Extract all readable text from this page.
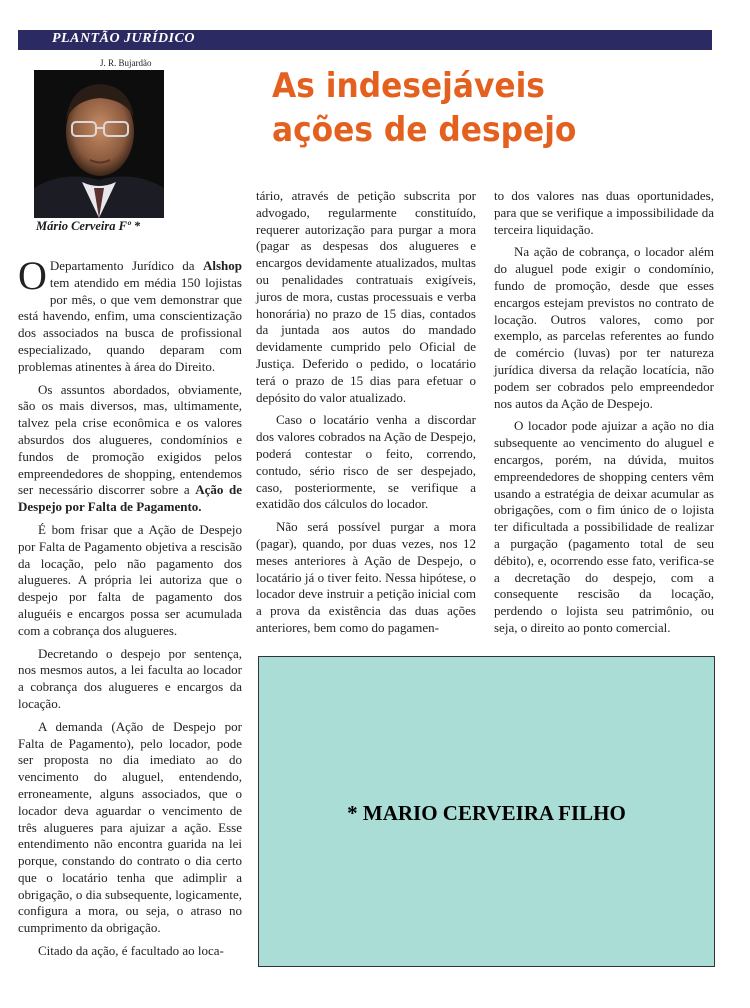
PLANTÃO JURÍDICO
J. R. Bujardão
Mário Cerveira Fº *
As indesejáveis
ações de despejo

O Departamento Jurídico da Alshop tem atendido em média 150 lojistas por mês, o que vem demonstrar que está havendo, enfim, uma conscientização dos associados na busca de profissional especializado, quando deparam com problemas atinentes à área do Direito.

Os assuntos abordados, obviamente, são os mais diversos, mas, ultimamente, talvez pela crise econômica e os valores absurdos dos alugueres, condomínios e fundos de promoção exigidos pelos empreendedores de shopping, entendemos ser necessário discorrer sobre a Ação de Despejo por Falta de Pagamento.

É bom frisar que a Ação de Despejo por Falta de Pagamento objetiva a rescisão da locação, pelo não pagamento dos alugueres. A própria lei autoriza que o despejo por falta de pagamento dos aluguéis e encargos possa ser acumulada com a cobrança dos alugueres.

Decretando o despejo por sentença, nos mesmos autos, a lei faculta ao locador a cobrança dos alugueres e encargos da locação.

A demanda (Ação de Despejo por Falta de Pagamento), pelo locador, pode ser proposta no dia imediato ao do vencimento do aluguel, entendendo, erroneamente, alguns associados, que o locador deva aguardar o vencimento de três alugueres para ajuizar a ação. Esse entendimento não encontra guarida na lei porque, constando do contrato o dia certo que o locatário tenha que adimplir a obrigação, o dia subsequente, logicamente, configura a mora, ou seja, o atraso no cumprimento da obrigação.

Citado da ação, é facultado ao loca-

tário, através de petição subscrita por advogado, regularmente constituído, requerer autorização para purgar a mora (pagar as despesas dos alugueres e encargos devidamente atualizados, multas ou penalidades contratuais exigíveis, juros de mora, custas processuais e verba honorária) no prazo de 15 dias, contados da juntada aos autos do mandado devidamente cumprido pelo Oficial de Justiça. Deferido o pedido, o locatário terá o prazo de 15 dias para efetuar o depósito do valor atualizado.

Caso o locatário venha a discordar dos valores cobrados na Ação de Despejo, poderá contestar o feito, correndo, contudo, sério risco de ser despejado, caso, posteriormente, se verifique a exatidão dos cálculos do locador.

Não será possível purgar a mora (pagar), quando, por duas vezes, nos 12 meses anteriores à Ação de Despejo, o locatário já o tiver feito. Nessa hipótese, o locador deve instruir a petição inicial com a prova da existência das duas ações anteriores, bem como do pagamen-

to dos valores nas duas oportunidades, para que se verifique a impossibilidade da terceira liquidação.

Na ação de cobrança, o locador além do aluguel pode exigir o condomínio, fundo de promoção, desde que esses encargos estejam previstos no contrato de locação. Outros valores, como por exemplo, as parcelas referentes ao fundo de comércio (luvas) por ter natureza jurídica diversa da relação locatícia, não podem ser cobrados pelo empreendedor nos autos da Ação de Despejo.

O locador pode ajuizar a ação no dia subsequente ao vencimento do aluguel e encargos, porém, na dúvida, muitos empreendedores de shopping centers vêm usando a estratégia de deixar acumular as obrigações, com o fim único de o lojista ter dificultada a possibilidade de realizar a purgação (pagamento total de seu débito), e, ocorrendo esse fato, verifica-se a decretação do despejo, com a consequente rescisão da locação, perdendo o lojista seu patrimônio, ou seja, o direito ao ponto comercial.

* MARIO CERVEIRA FILHO
